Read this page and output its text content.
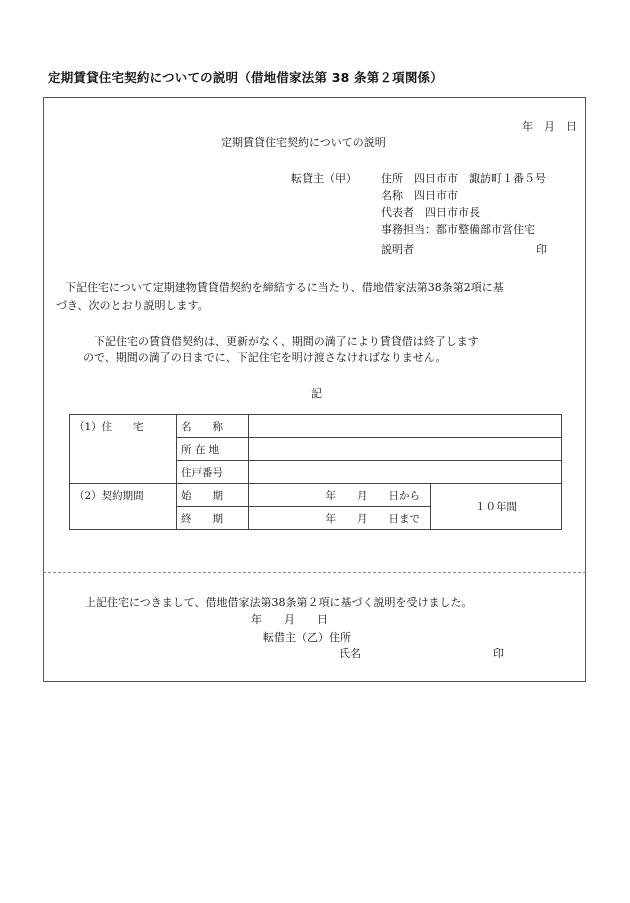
定期賃貸住宅契約についての説明（借地借家法第 38 条第２項関係）
年　月　日
定期賃貸住宅契約についての説明
転貸主（甲） 住所　四日市市　諏訪町１番５号
名称　四日市市
代表者　四日市市長
事務担当：都市整備部市営住宅
説明者	印
下記住宅について定期建物賃貸借契約を締結するに当たり、借地借家法第38条第2項に基
づき、次のとおり説明します。
下記住宅の賃貸借契約は、更新がなく、期間の満了により賃貸借は終了します
ので、期間の満了の日までに、下記住宅を明け渡さなければなりません。
記
（1）住　　宅	名　　称		
	所 在 地		
	住戸番号		
（2）契約期間	始　　期	年　　月　　日から	１０年間
	終　　期	年　　月　　日まで	
上記住宅につきまして、借地借家法第38条第２項に基づく説明を受けました。
年　　月　　日
転借主（乙）住所
氏名	印
